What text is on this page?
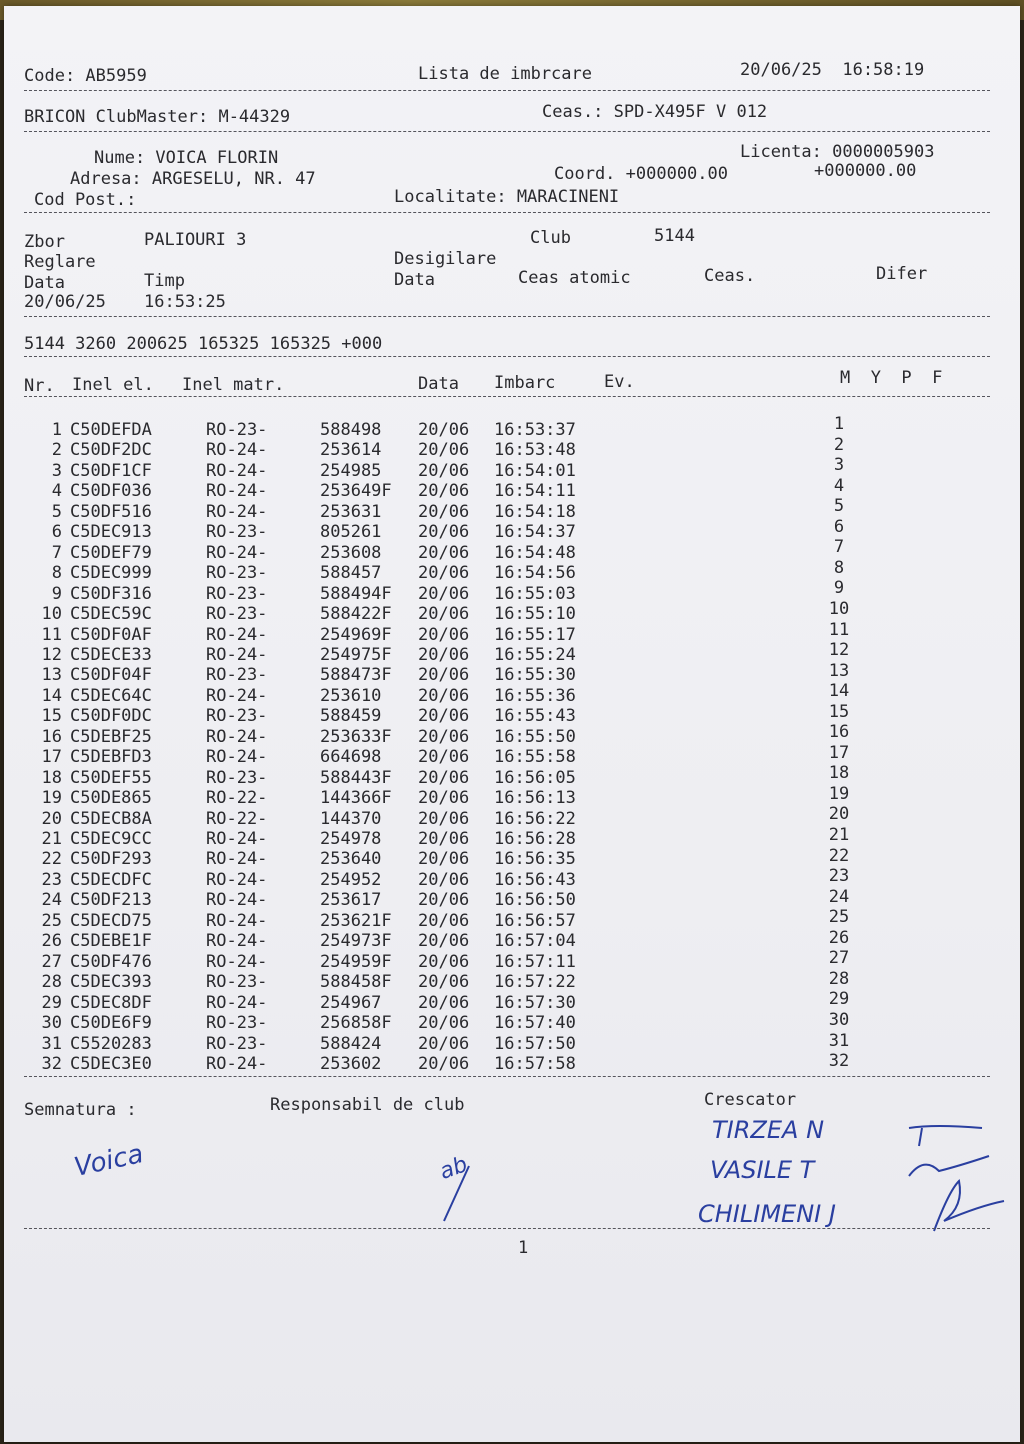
Code: AB5959	Lista de imbrcare	20/06/25  16:58:19
BRICON ClubMaster: M-44329	Ceas.: SPD-X495F V 012
Nume: VOICA FLORIN	Licenta: 0000005903
Adresa: ARGESELU, NR. 47	Coord. +000000.00	+000000.00
Cod Post.:	Localitate: MARACINENI
Zbor	PALIOURI 3	Club	5144
Reglare	Desigilare
Data	Timp	Data	Ceas atomic	Ceas.	Difer
20/06/25 16:53:25
5144 3260 200625 165325 165325 +000
Nr. Inel el. Inel matr.	Data Imbarc	Ev.	M  Y  P  F
1 C50DEFDA	RO-23-	588498 20/06 16:53:37	1
2 C50DF2DC	RO-24-	253614 20/06 16:53:48	2
3 C50DF1CF	RO-24-	254985 20/06 16:54:01	3
4 C50DF036	RO-24-	253649F 20/06 16:54:11	4
5 C50DF516	RO-24-	253631 20/06 16:54:18	5
6 C5DEC913	RO-23-	805261 20/06 16:54:37	6
7 C50DEF79	RO-24-	253608 20/06 16:54:48	7
8 C5DEC999	RO-23-	588457 20/06 16:54:56	8
9 C50DF316	RO-23-	588494F 20/06 16:55:03	9
10 C5DEC59C	RO-23-	588422F 20/06 16:55:10	10
11 C50DF0AF	RO-24-	254969F 20/06 16:55:17	11
12 C5DECE33	RO-24-	254975F 20/06 16:55:24	12
13 C50DF04F	RO-23-	588473F 20/06 16:55:30	13
14 C5DEC64C	RO-24-	253610 20/06 16:55:36	14
15 C50DF0DC	RO-23-	588459 20/06 16:55:43	15
16 C5DEBF25	RO-24-	253633F 20/06 16:55:50	16
17 C5DEBFD3	RO-24-	664698 20/06 16:55:58	17
18 C50DEF55	RO-23-	588443F 20/06 16:56:05	18
19 C50DE865	RO-22-	144366F 20/06 16:56:13	19
20 C5DECB8A	RO-22-	144370 20/06 16:56:22	20
21 C5DEC9CC	RO-24-	254978 20/06 16:56:28	21
22 C50DF293	RO-24-	253640 20/06 16:56:35	22
23 C5DECDFC	RO-24-	254952 20/06 16:56:43	23
24 C50DF213	RO-24-	253617 20/06 16:56:50	24
25 C5DECD75	RO-24-	253621F 20/06 16:56:57	25
26 C5DEBE1F	RO-24-	254973F 20/06 16:57:04	26
27 C50DF476	RO-24-	254959F 20/06 16:57:11	27
28 C5DEC393	RO-23-	588458F 20/06 16:57:22	28
29 C5DEC8DF	RO-24-	254967 20/06 16:57:30	29
30 C50DE6F9	RO-23-	256858F 20/06 16:57:40	30
31 C5520283	RO-23-	588424 20/06 16:57:50	31
32 C5DEC3E0	RO-24-	253602 20/06 16:57:58	32
Semnatura :	Responsabil de club	Crescator
Voica	ab
TIRZEA N
VASILE T
CHILIMENI J
1
